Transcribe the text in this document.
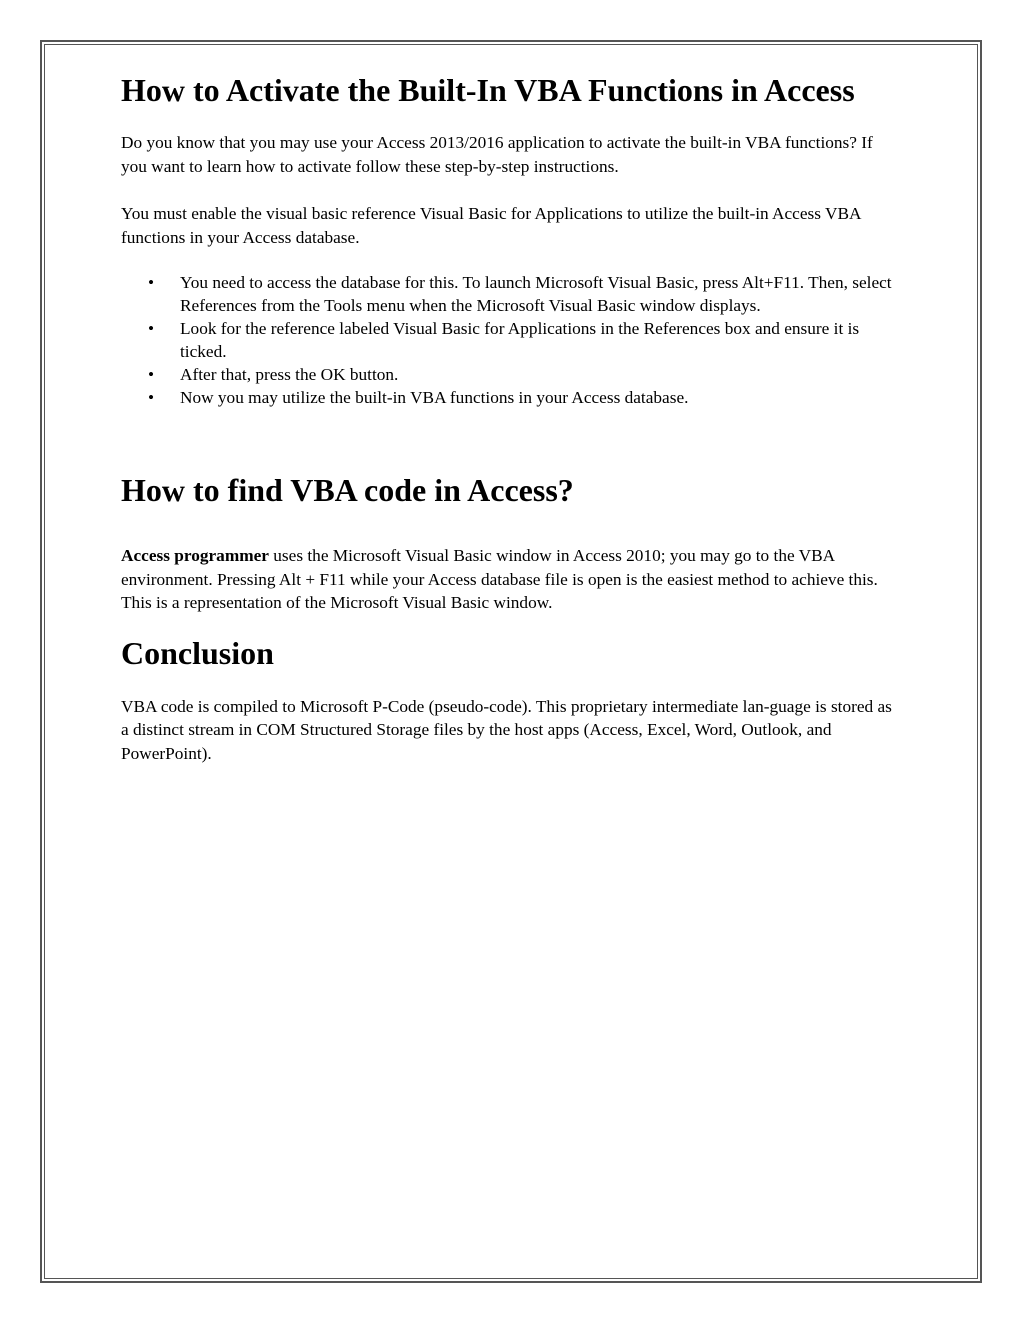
How to Activate the Built-In VBA Functions in Access

Do you know that you may use your Access 2013/2016 application to activate the built-in VBA functions? If you want to learn how to activate follow these step-by-step instructions.

You must enable the visual basic reference Visual Basic for Applications to utilize the built-in Access VBA functions in your Access database.

• You need to access the database for this. To launch Microsoft Visual Basic, press Alt+F11. Then, select References from the Tools menu when the Microsoft Visual Basic window displays.
• Look for the reference labeled Visual Basic for Applications in the References box and ensure it is ticked.
• After that, press the OK button.
• Now you may utilize the built-in VBA functions in your Access database.
How to find VBA code in Access?

Access programmer uses the Microsoft Visual Basic window in Access 2010; you may go to the VBA environment. Pressing Alt + F11 while your Access database file is open is the easiest method to achieve this. This is a representation of the Microsoft Visual Basic window.

Conclusion

VBA code is compiled to Microsoft P-Code (pseudo-code). This proprietary intermediate lan-guage is stored as a distinct stream in COM Structured Storage files by the host apps (Access, Excel, Word, Outlook, and PowerPoint).
